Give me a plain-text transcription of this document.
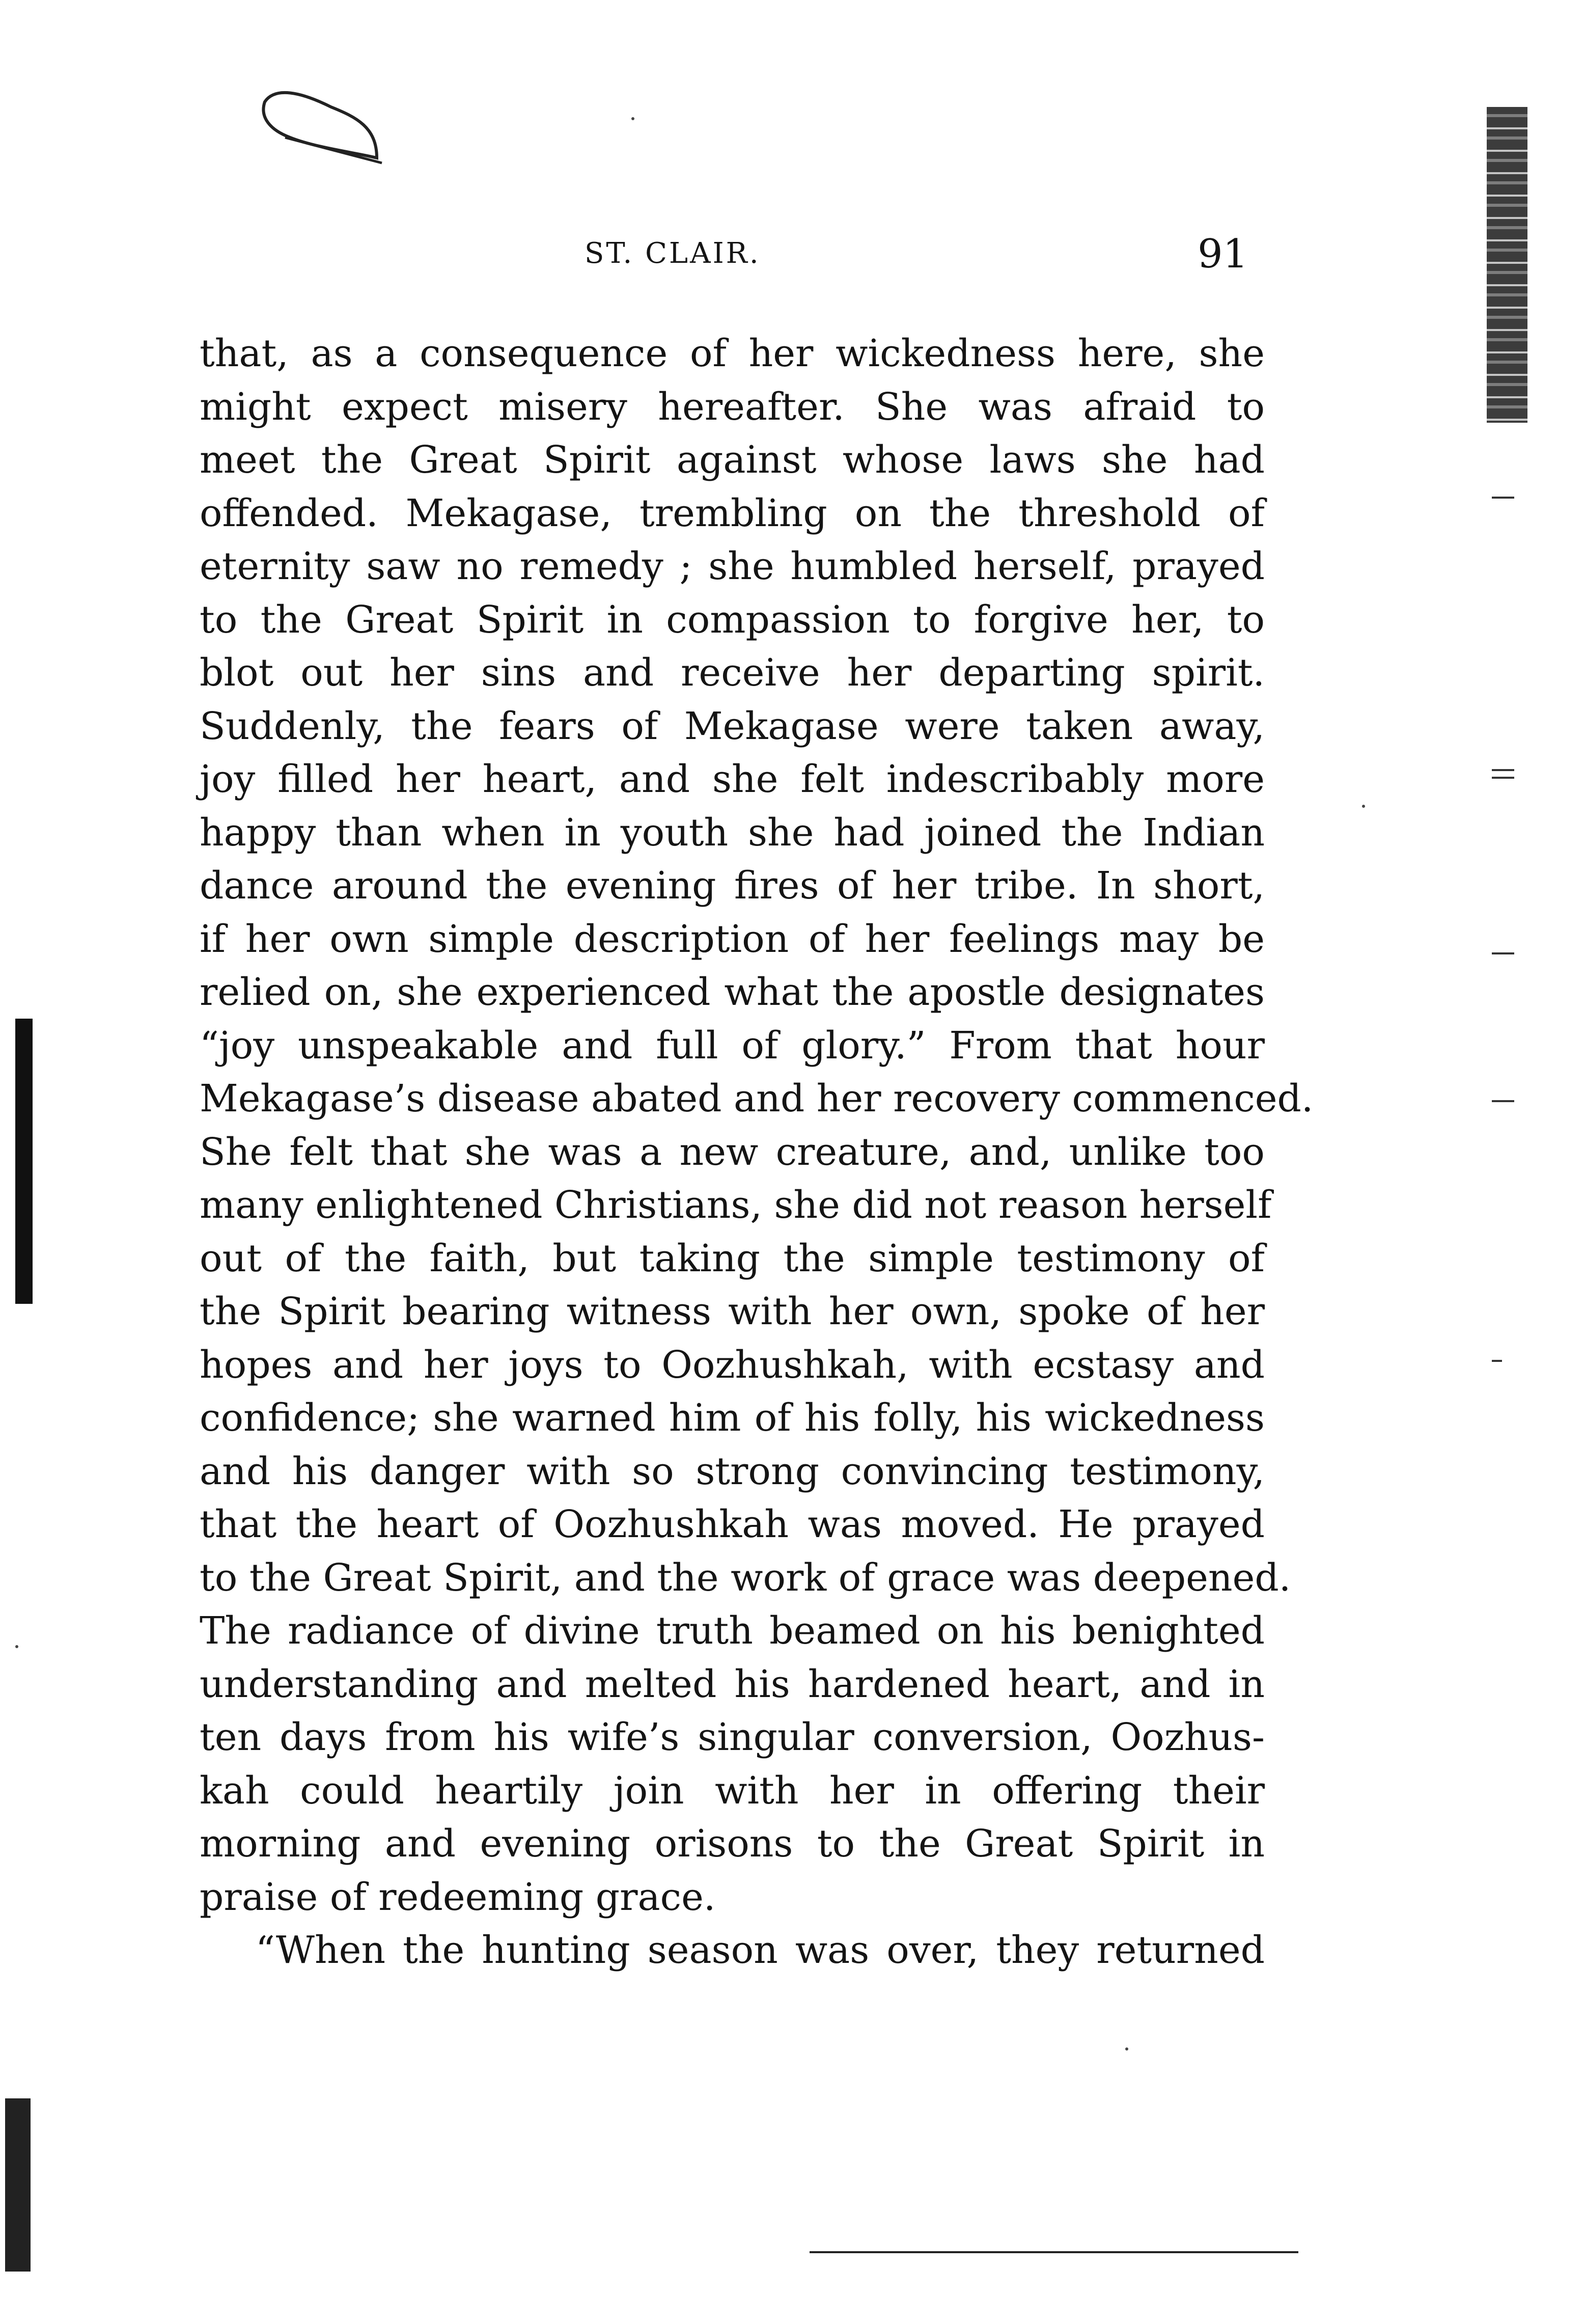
ST. CLAIR.	91
that, as a consequence of her wickedness here, she
might expect misery hereafter. She was afraid to
meet the Great Spirit against whose laws she had
offended. Mekagase, trembling on the threshold of
eternity saw no remedy ; she humbled herself, prayed
to the Great Spirit in compassion to forgive her, to
blot out her sins and receive her departing spirit.
Suddenly, the fears of Mekagase were taken away,
joy filled her heart, and she felt indescribably more
happy than when in youth she had joined the Indian
dance around the evening fires of her tribe. In short,
if her own simple description of her feelings may be
relied on, she experienced what the apostle designates
“joy unspeakable and full of glory.” From that hour
Mekagase’s disease abated and her recovery commenced.
She felt that she was a new creature, and, unlike too
many enlightened Christians, she did not reason herself
out of the faith, but taking the simple testimony of
the Spirit bearing witness with her own, spoke of her
hopes and her joys to Oozhushkah, with ecstasy and
confidence; she warned him of his folly, his wickedness
and his danger with so strong convincing testimony,
that the heart of Oozhushkah was moved. He prayed
to the Great Spirit, and the work of grace was deepened.
The radiance of divine truth beamed on his benighted
understanding and melted his hardened heart, and in
ten days from his wife’s singular conversion, Oozhus-
kah could heartily join with her in offering their
morning and evening orisons to the Great Spirit in
praise of redeeming grace.
“When the hunting season was over, they returned
